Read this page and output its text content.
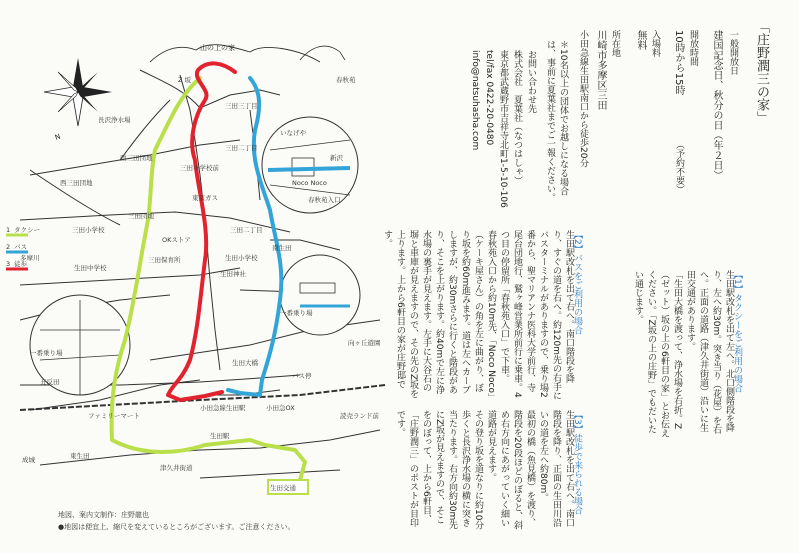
N
生田交通
山の上の家
Z 坂	春秋苑
長沢浄水場
三田三丁目
三田二丁目
西三田団地
西三田団地
三田小学校前
三田小学校
三田団地
東京ガス
OKストア
三田二丁目
南生田
三田保育所
生田中学校
生田神社
生田小学校
一番乗り場
向ヶ丘遊園
多摩川
生田大橋
バス停
五反田
一番乗り場
ファミリーマート
成城
小田急線生田駅	小田急OX
東生田
生田駅
津久井街道
読売ランド前
いなげや
Noco Noco
春秋苑入口
新沢
1 タクシー
2 バス
3 徒歩
地図、案内文制作：庄野龍也
●地図は便宜上、縮尺を変えているところがございます。ご注意ください。
「庄野潤三の家」
一般開放日
建国記念日、秋分の日（年２日）
開放時間
10時から15時
（予約不要）
入場料
無料
所在地
川崎市多摩区三田
小田急線生田駅南口から徒歩20分
＊10名以上の団体でお越しになる場合は、事前に夏葉社までご一報ください。
お問い合わせ先
株式会社　夏葉社（なつはしゃ）
東京都武蔵野市吉祥寺北町1-5-10-106
tel/fax 0422-20-0480
info@natsuhasha.com
【1】タクシーをご利用の場合
生田駅改札を出て左へ。北口側階段を降り、左へ約30m。突き当り（花屋）を右へ。正面の道路（津久井街道）沿いに生田交通があります。
「生田大橋を渡って、浄水場を右折。Z（ゼット）坂の上の6軒目の家」とお伝えください。「Z坂の上の庄野」でもだいたい通じます。
【2】バスをご利用の場合
生田駅改札を出て右へ。南口階段を降り、すぐの道を右へ。約120m先の右手にバスターミナルがありますので、乗り場2番から、聖マリアンナ医科大学前行、寺尾台団地行、鷲ヶ峰営業所前行に乗車。4つ目の停留所「春秋苑入口」で下車。
春秋苑入口から約10m先、「Noco Noco」（ケーキ屋さん）の角を左に曲がり、ぼり坂を約60m進みます。道は左へカーブしますが、約30mさらに行くと階段があり、そこを上がります。約40mで左に浄水場の裏手が見えます。左手に大谷石の塀と車庫が見えますので、その先のZ坂を上ります。上から6軒目の家が庄野邸です。
【3】徒歩で来られる場合
生田駅改札を出て右へ。南口階段を降り、正面の生田川沿いの道を左へ約80m。
最初の橋（魚見橋）を渡り、階段を20段ほどのぼると、斜め右方向にあがっていく細い道路が見えます。
その登り坂を道なりに約10分歩くと長沢浄水場の横に突き当たります。右方向約30m先にZ坂が見えますので、そこをのぼって、上から6軒目、「庄野潤三」のポストが目印です。
